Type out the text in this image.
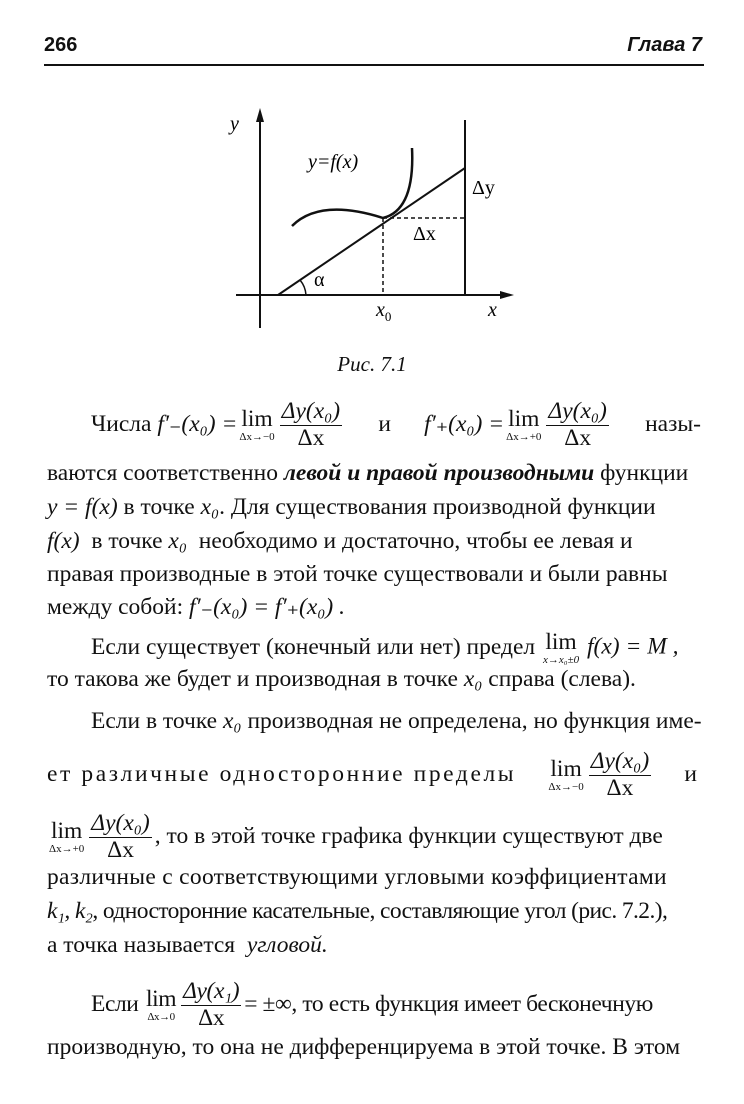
266	Глава 7
y
y=f(x)
Δy
Δx
α
$x_0$	x
Рис. 7.1
Числа
f′₋(x₀) = lim
$\Delta x\to-0 \frac{\text{Δy(x₀)}}{\Delta x}$ и f′₊(x₀) = lim
$\Delta x\to+0 \frac{\text{Δy(x₀)}}{\Delta x}$ назы-
ваются соответственно левой и правой производными функции
y = f(x) в точке x₀. Для существования производной функции
f(x) в точке x₀ необходимо и достаточно, чтобы ее левая и
правая производные в этой точке существовали и были равны
между собой: f′₋(x₀) = f′₊(x₀) .
Если существует (конечный или нет) предел lim
x→x₀±0
f(x) = M ,
то такова же будет и производная в точке x₀ справа (слева).
Если в точке x₀ производная не определена, но функция име-
ет различные односторонние пределы lim
$\Delta x\to-0 \frac{\text{Δy(x₀)}}{\Delta x}$ и
lim
$\Delta x\to+0 \frac{\text{Δy(x₀)}}{\Delta x}$ , то в этой точке графика функции существуют две
различные с соответствующими угловыми коэффициентами
k₁, k₂, односторонние касательные, составляющие угол (рис. 7.2.),
а точка называется угловой.
Если
lim
$\Delta x\to 0 \frac{\text{Δy(x₁)}}{\Delta x}$ = ±∞ , то есть функция имеет бесконечную
производную, то она не дифференцируема в этой точке. В этом
